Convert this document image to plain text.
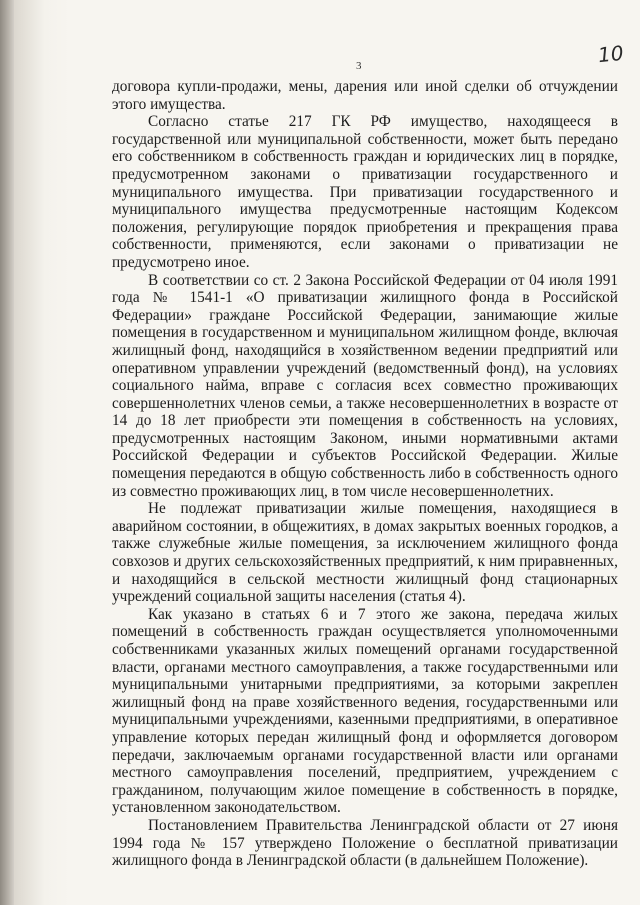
3	10

договора купли-продажи, мены, дарения или иной сделки об отчуждении этого имущества.

Согласно статье 217 ГК РФ имущество, находящееся в государственной или муниципальной собственности, может быть передано его собственником в собственность граждан и юридических лиц в порядке, предусмотренном законами о приватизации государственного и муниципального имущества. При приватизации государственного и муниципального имущества предусмотренные настоящим Кодексом положения, регулирующие порядок приобретения и прекращения права собственности, применяются, если законами о приватизации не предусмотрено иное.

В соответствии со ст. 2 Закона Российской Федерации от 04 июля 1991 года № 1541-1 «О приватизации жилищного фонда в Российской Федерации» граждане Российской Федерации, занимающие жилые помещения в государственном и муниципальном жилищном фонде, включая жилищный фонд, находящийся в хозяйственном ведении предприятий или оперативном управлении учреждений (ведомственный фонд), на условиях социального найма, вправе с согласия всех совместно проживающих совершеннолетних членов семьи, а также несовершеннолетних в возрасте от 14 до 18 лет приобрести эти помещения в собственность на условиях, предусмотренных настоящим Законом, иными нормативными актами Российской Федерации и субъектов Российской Федерации. Жилые помещения передаются в общую собственность либо в собственность одного из совместно проживающих лиц, в том числе несовершеннолетних.

Не подлежат приватизации жилые помещения, находящиеся в аварийном состоянии, в общежитиях, в домах закрытых военных городков, а также служебные жилые помещения, за исключением жилищного фонда совхозов и других сельскохозяйственных предприятий, к ним приравненных, и находящийся в сельской местности жилищный фонд стационарных учреждений социальной защиты населения (статья 4).

Как указано в статьях 6 и 7 этого же закона, передача жилых помещений в собственность граждан осуществляется уполномоченными собственниками указанных жилых помещений органами государственной власти, органами местного самоуправления, а также государственными или муниципальными унитарными предприятиями, за которыми закреплен жилищный фонд на праве хозяйственного ведения, государственными или муниципальными учреждениями, казенными предприятиями, в оперативное управление которых передан жилищный фонд и оформляется договором передачи, заключаемым органами государственной власти или органами местного самоуправления поселений, предприятием, учреждением с гражданином, получающим жилое помещение в собственность в порядке, установленном законодательством.

Постановлением Правительства Ленинградской области от 27 июня 1994 года № 157 утверждено Положение о бесплатной приватизации жилищного фонда в Ленинградской области (в дальнейшем Положение).
